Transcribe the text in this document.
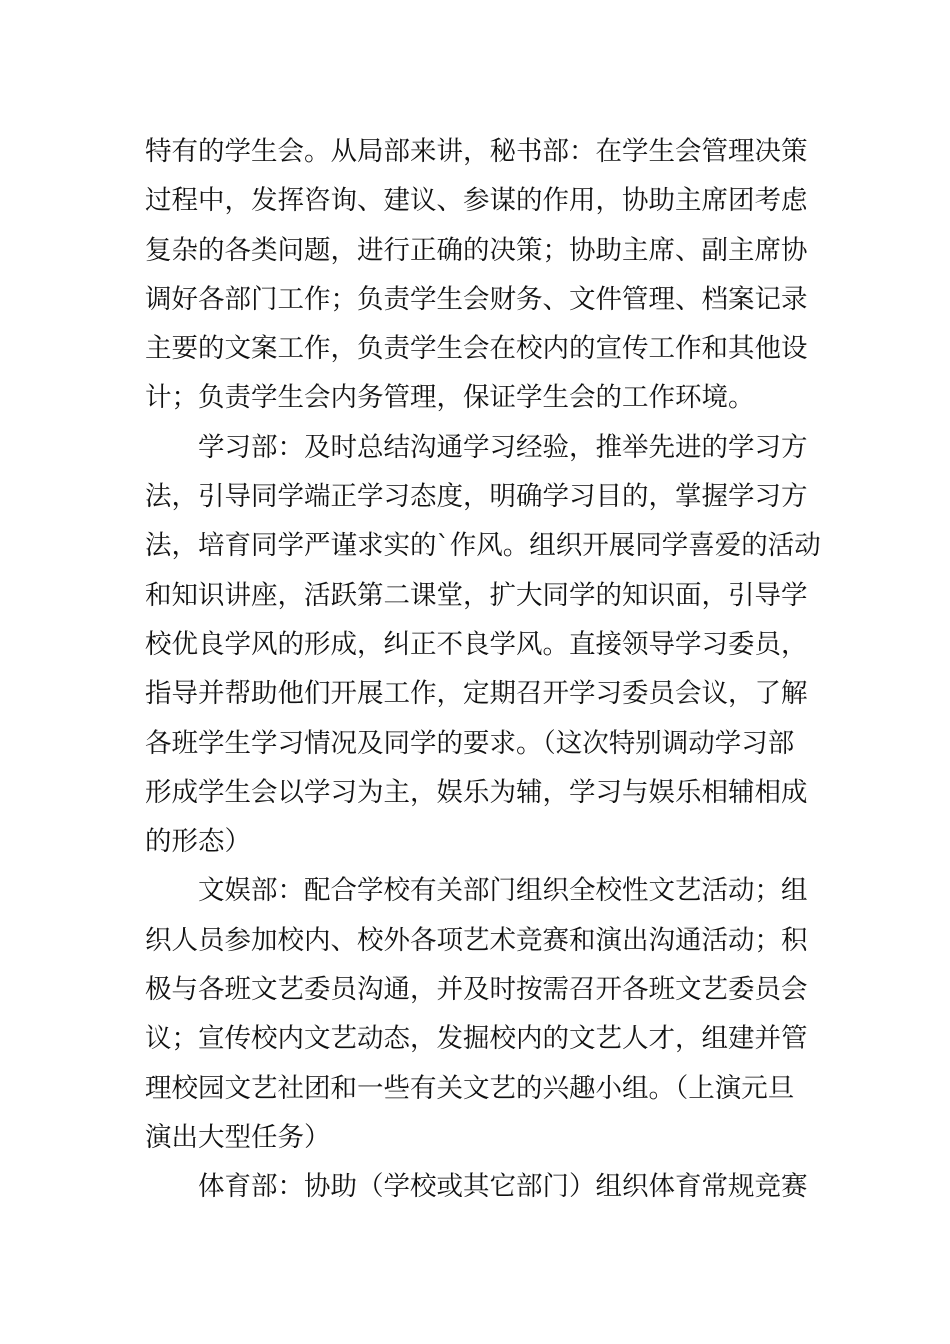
特有的学生会。从局部来讲，秘书部：在学生会管理决策
过程中，发挥咨询、建议、参谋的作用，协助主席团考虑
复杂的各类问题，进行正确的决策；协助主席、副主席协
调好各部门工作；负责学生会财务、文件管理、档案记录
主要的文案工作，负责学生会在校内的宣传工作和其他设
计；负责学生会内务管理，保证学生会的工作环境。
学习部：及时总结沟通学习经验，推举先进的学习方
法，引导同学端正学习态度，明确学习目的，掌握学习方
法，培育同学严谨求实的`作风。组织开展同学喜爱的活动
和知识讲座，活跃第二课堂，扩大同学的知识面，引导学
校优良学风的形成，纠正不良学风。直接领导学习委员，
指导并帮助他们开展工作，定期召开学习委员会议，了解
各班学生学习情况及同学的要求。（这次特别调动学习部
形成学生会以学习为主，娱乐为辅，学习与娱乐相辅相成
的形态）
文娱部：配合学校有关部门组织全校性文艺活动；组
织人员参加校内、校外各项艺术竞赛和演出沟通活动；积
极与各班文艺委员沟通，并及时按需召开各班文艺委员会
议；宣传校内文艺动态，发掘校内的文艺人才，组建并管
理校园文艺社团和一些有关文艺的兴趣小组。（上演元旦
演出大型任务）
体育部：协助（学校或其它部门）组织体育常规竞赛
